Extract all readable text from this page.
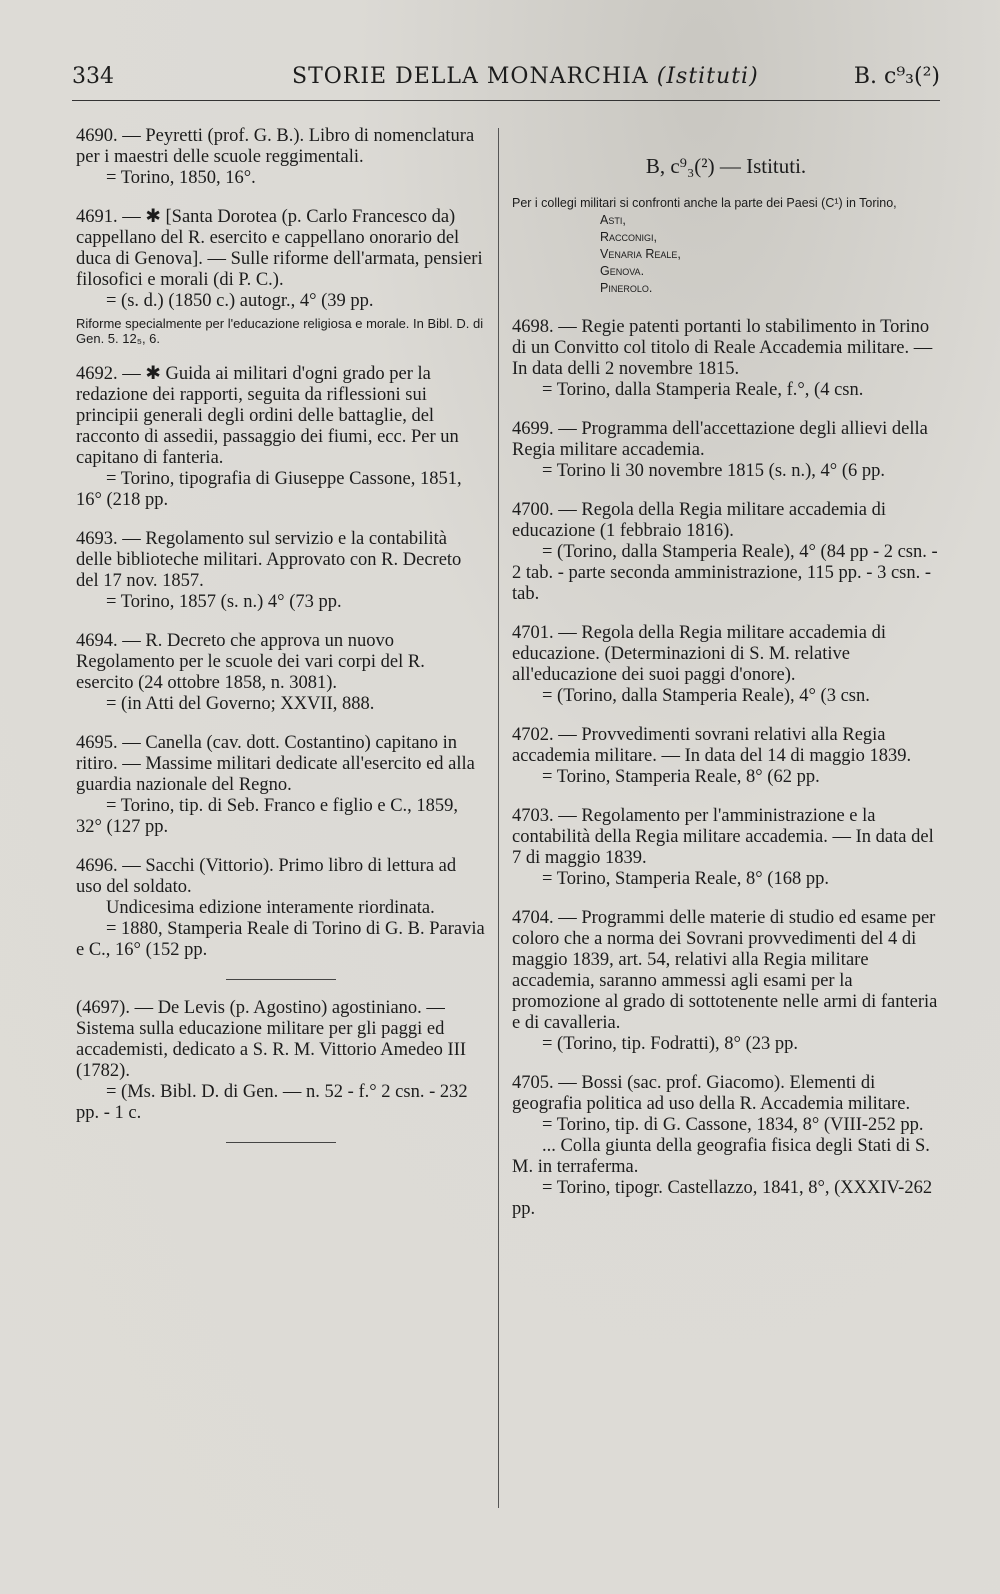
334	STORIE DELLA MONARCHIA (Istituti)	B. c⁹₃(²)

4690. — Peyretti (prof. G. B.). Libro di nomenclatura per i maestri delle scuole reggimentali.

= Torino, 1850, 16°.

4691. — ✱ [Santa Dorotea (p. Carlo Francesco da) cappellano del R. esercito e cappellano onorario del duca di Genova]. — Sulle riforme dell'armata, pensieri filosofici e morali (di P. C.).

= (s. d.) (1850 c.) autogr., 4° (39 pp.

Riforme specialmente per l'educazione religiosa e morale. In Bibl. D. di Gen. 5. 12₅, 6.

4692. — ✱ Guida ai militari d'ogni grado per la redazione dei rapporti, seguita da riflessioni sui principii generali degli ordini delle battaglie, del racconto di assedii, passaggio dei fiumi, ecc. Per un capitano di fanteria.

= Torino, tipografia di Giuseppe Cassone, 1851, 16° (218 pp.

4693. — Regolamento sul servizio e la contabilità delle biblioteche militari. Approvato con R. Decreto del 17 nov. 1857.

= Torino, 1857 (s. n.) 4° (73 pp.

4694. — R. Decreto che approva un nuovo Regolamento per le scuole dei vari corpi del R. esercito (24 ottobre 1858, n. 3081).

= (in Atti del Governo; XXVII, 888.

4695. — Canella (cav. dott. Costantino) capitano in ritiro. — Massime militari dedicate all'esercito ed alla guardia nazionale del Regno.

= Torino, tip. di Seb. Franco e figlio e C., 1859, 32° (127 pp.

4696. — Sacchi (Vittorio). Primo libro di lettura ad uso del soldato.

Undicesima edizione interamente riordinata.

= 1880, Stamperia Reale di Torino di G. B. Paravia e C., 16° (152 pp.

(4697). — De Levis (p. Agostino) agostiniano. — Sistema sulla educazione militare per gli paggi ed accademisti, dedicato a S. R. M. Vittorio Amedeo III (1782).

= (Ms. Bibl. D. di Gen. — n. 52 - f.° 2 csn. - 232 pp. - 1 c.

B, c⁹₃(²) — Istituti.
Per i collegi militari si confronti anche la parte dei Paesi (C¹) in Torino,
Asti,
Racconigi,
Venaria Reale,
Genova.
Pinerolo.

4698. — Regie patenti portanti lo stabilimento in Torino di un Convitto col titolo di Reale Accademia militare. — In data delli 2 novembre 1815.

= Torino, dalla Stamperia Reale, f.°, (4 csn.

4699. — Programma dell'accettazione degli allievi della Regia militare accademia.

= Torino li 30 novembre 1815 (s. n.), 4° (6 pp.

4700. — Regola della Regia militare accademia di educazione (1 febbraio 1816).

= (Torino, dalla Stamperia Reale), 4° (84 pp - 2 csn. - 2 tab. - parte seconda amministrazione, 115 pp. - 3 csn. - tab.

4701. — Regola della Regia militare accademia di educazione. (Determinazioni di S. M. relative all'educazione dei suoi paggi d'onore).

= (Torino, dalla Stamperia Reale), 4° (3 csn.

4702. — Provvedimenti sovrani relativi alla Regia accademia militare. — In data del 14 di maggio 1839.

= Torino, Stamperia Reale, 8° (62 pp.

4703. — Regolamento per l'amministrazione e la contabilità della Regia militare accademia. — In data del 7 di maggio 1839.

= Torino, Stamperia Reale, 8° (168 pp.

4704. — Programmi delle materie di studio ed esame per coloro che a norma dei Sovrani provvedimenti del 4 di maggio 1839, art. 54, relativi alla Regia militare accademia, saranno ammessi agli esami per la promozione al grado di sottotenente nelle armi di fanteria e di cavalleria.

= (Torino, tip. Fodratti), 8° (23 pp.

4705. — Bossi (sac. prof. Giacomo). Elementi di geografia politica ad uso della R. Accademia militare.

= Torino, tip. di G. Cassone, 1834, 8° (VIII-252 pp.

... Colla giunta della geografia fisica degli Stati di S. M. in terraferma.

= Torino, tipogr. Castellazzo, 1841, 8°, (XXXIV-262 pp.
